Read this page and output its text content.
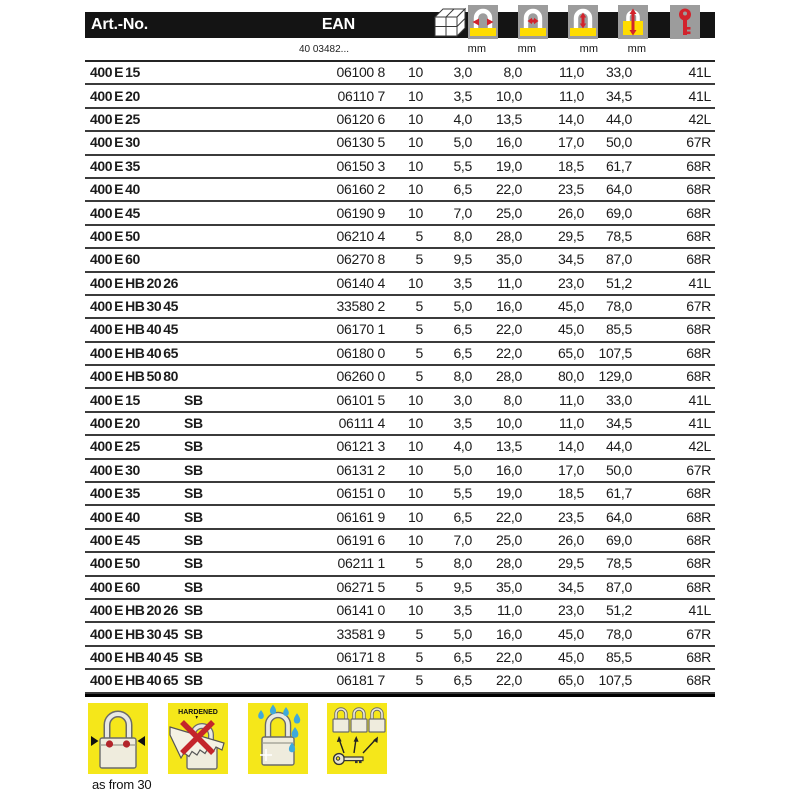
Art.-No.	EAN
40 03482...	mm	mm	mm	mm
400 E 15	06100 8	10	3,0	8,0	11,0	33,0	41L
400 E 20	06110 7	10	3,5	10,0	11,0	34,5	41L
400 E 25	06120 6	10	4,0	13,5	14,0	44,0	42L
400 E 30	06130 5	10	5,0	16,0	17,0	50,0	67R
400 E 35	06150 3	10	5,5	19,0	18,5	61,7	68R
400 E 40	06160 2	10	6,5	22,0	23,5	64,0	68R
400 E 45	06190 9	10	7,0	25,0	26,0	69,0	68R
400 E 50	06210 4	5	8,0	28,0	29,5	78,5	68R
400 E 60	06270 8	5	9,5	35,0	34,5	87,0	68R
400 E HB 20 26	06140 4	10	3,5	11,0	23,0	51,2	41L
400 E HB 30 45	33580 2	5	5,0	16,0	45,0	78,0	67R
400 E HB 40 45	06170 1	5	6,5	22,0	45,0	85,5	68R
400 E HB 40 65	06180 0	5	6,5	22,0	65,0	107,5	68R
400 E HB 50 80	06260 0	5	8,0	28,0	80,0	129,0	68R
400 E 15	SB	06101 5	10	3,0	8,0	11,0	33,0	41L
400 E 20	SB	06111 4	10	3,5	10,0	11,0	34,5	41L
400 E 25	SB	06121 3	10	4,0	13,5	14,0	44,0	42L
400 E 30	SB	06131 2	10	5,0	16,0	17,0	50,0	67R
400 E 35	SB	06151 0	10	5,5	19,0	18,5	61,7	68R
400 E 40	SB	06161 9	10	6,5	22,0	23,5	64,0	68R
400 E 45	SB	06191 6	10	7,0	25,0	26,0	69,0	68R
400 E 50	SB	06211 1	5	8,0	28,0	29,5	78,5	68R
400 E 60	SB	06271 5	5	9,5	35,0	34,5	87,0	68R
400 E HB 20 26 SB	06141 0	10	3,5	11,0	23,0	51,2	41L
400 E HB 30 45 SB	33581 9	5	5,0	16,0	45,0	78,0	67R
400 E HB 40 45 SB	06171 8	5	6,5	22,0	45,0	85,5	68R
400 E HB 40 65 SB	06181 7	5	6,5	22,0	65,0	107,5	68R
HARDENED
as from 30
